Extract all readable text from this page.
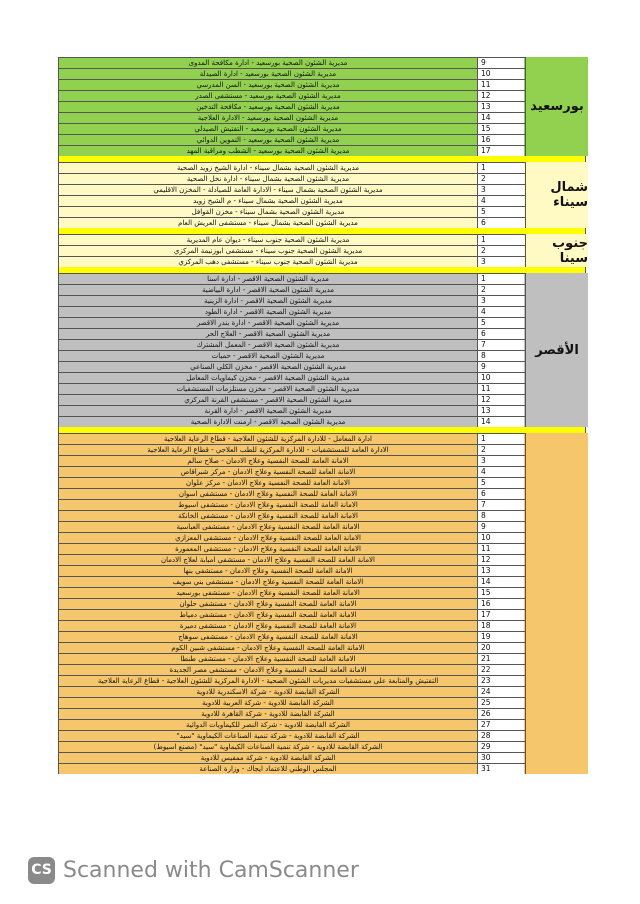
مديرية الشئون الصحية بورسعيد - ادارة مكافحة المدوى	9
مديرية الشئون الصحية بورسعيد - ادارة الصيدلة	10
مديرية الشئون الصحية بورسعيد - السن المدرسي	11
مديرية الشئون الصحية بورسعيد - مستشفى الصدر	12
مديرية الشئون الصحية بورسعيد - مكافحة التدخين	13
مديرية الشئون الصحية بورسعيد - الادارة العلاجية	14
مديرية الشئون الصحية بورسعيد - التفتيش الصيدلي	15
مديرية الشئون الصحية بورسعيد - التموين الدوائي	16
مديرية الشئون الصحية بورسعيد - الشطب ومراقبة المهد	17
بورسعيد
مديرية الشئون الصحية بشمال سيناء - ادارة الشيخ زويد الصحية	1
مديرية الشئون الصحية بشمال سيناء - ادارة نخل الصحية	2
مديرية الشئون الصحية بشمال سيناء - الادارة العامة للصيادلة - المخزن الاقليمي	3
مديرية الشئون الصحية بشمال سيناء - م الشيخ زويد	4
مديرية الشئون الصحية بشمال سيناء - مخزن القوافل	5
مديرية الشئون الصحية بشمال سيناء - مستشفى العريش العام	6
شمال سيناء
مديرية الشئون الصحية جنوب سيناء - ديوان عام المديرية	1
مديرية الشئون الصحية جنوب سيناء - مستشفى ابوزنيمة المركزي	2
مديرية الشئون الصحية جنوب سيناء - مستشفى دهب المركزي	3
جنوب سينا
مديرية الشئون الصحية الاقصر - ادارة اسنا	1
مديرية الشئون الصحية الاقصر - ادارة البياضية	2
مديرية الشئون الصحية الاقصر - ادارة الزينية	3
مديرية الشئون الصحية الاقصر - ادارة الطود	4
مديرية الشئون الصحية الاقصر - ادارة بندر الاقصر	5
مديرية الشئون الصحية الاقصر - العلاج الحر	6
مديرية الشئون الصحية الاقصر - المعمل المشترك	7
مديرية الشئون الصحية الاقصر - حميات	8
مديرية الشئون الصحية الاقصر - مخزن الكلى الصناعي	9
مديرية الشئون الصحية الاقصر - مخزن كيماويات المعامل	10
مديرية الشئون الصحية الاقصر - مخزن مستلزمات المستشفيات	11
مديرية الشئون الصحية الاقصر - مستشفى القرنة المركزي	12
مديرية الشئون الصحية الاقصر - ادارة القرنة	13
مديرية الشئون الصحية الاقصر - ارمنت الادارة الصحية	14
الأقصر
ادارة المعامل - للادارة المركزية للشئون العلاجية - قطاع الرعاية العلاجية	1
الادارة العامة للمستشفيات - للادارة المركزية للطب العلاجي - قطاع الرعاية العلاجية	2
الامانة العامة للصحة النفسية وعلاج الادمان - صلاح سالم	3
الامانة العامة للصحة النفسية وعلاج الادمان - مركز شبراقاص	4
الامانة العامة للصحة النفسية وعلاج الادمان - مركز علوان	5
الامانة العامة للصحة النفسية وعلاج الادمان - مستشفى اسوان	6
الامانة العامة للصحة النفسية وعلاج الادمان - مستشفى اسيوط	7
الامانة العامة للصحة النفسية وعلاج الادمان - مستشفى الخانكة	8
الامانة العامة للصحة النفسية وعلاج الادمان - مستشفى العباسية	9
الامانة العامة للصحة النفسية وعلاج الادمان - مستشفى المعزازي	10
الامانة العامة للصحة النفسية وعلاج الادمان - مستشفى المعمورة	11
الامانة العامة للصحة النفسية وعلاج الادمان - مستشفى امبابة لعلاج الادمان	12
الامانة العامة للصحة النفسية وعلاج الادمان - مستشفى بنها	13
الامانة العامة للصحة النفسية وعلاج الادمان - مستشفى بني سويف	14
الامانة العامة للصحة النفسية وعلاج الادمان - مستشفى بورسعيد	15
الامانة العامة للصحة النفسية وعلاج الادمان - مستشفى حلوان	16
الامانة العامة للصحة النفسية وعلاج الادمان - مستشفى دمياط	17
الامانة العامة للصحة النفسية وعلاج الادمان - مستشفى دميرة	18
الامانة العامة للصحة النفسية وعلاج الادمان - مستشفى سوهاج	19
الامانة العامة للصحة النفسية وعلاج الادمان - مستشفى شبين الكوم	20
الامانة العامة للصحة النفسية وعلاج الادمان - مستشفى طنطا	21
الامانة العامة للصحة النفسية وعلاج الادمان - مستشفى مصر الجديدة	22
التفتيش والمتابعة على مستشفيات مديريات الشئون الصحية - الادارة المركزية للشئون العلاجية - قطاع الرعاية العلاجية	23
الشركة القابضة للادوية - شركة الاسكندرية للادوية	24
الشركة القابضة للادوية - شركة العربية للادوية	25
الشركة القابضة للادوية - شركة القاهرة للادوية	26
الشركة القابضة للادوية - شركة النصر للكيماويات الدوائية	27
الشركة القابضة للادوية - شركة تنمية الصناعات الكيماوية "سيد"	28
الشركة القابضة للادوية - شركة تنمية الصناعات الكيماوية "سيد" (مصنع اسيوط)	29
الشركة القابضة للادوية - شركة ممفيس للادوية	30
المجلس الوطني للاعتماد ايجاك - وزارة الصناعة	31
CS Scanned with CamScanner
